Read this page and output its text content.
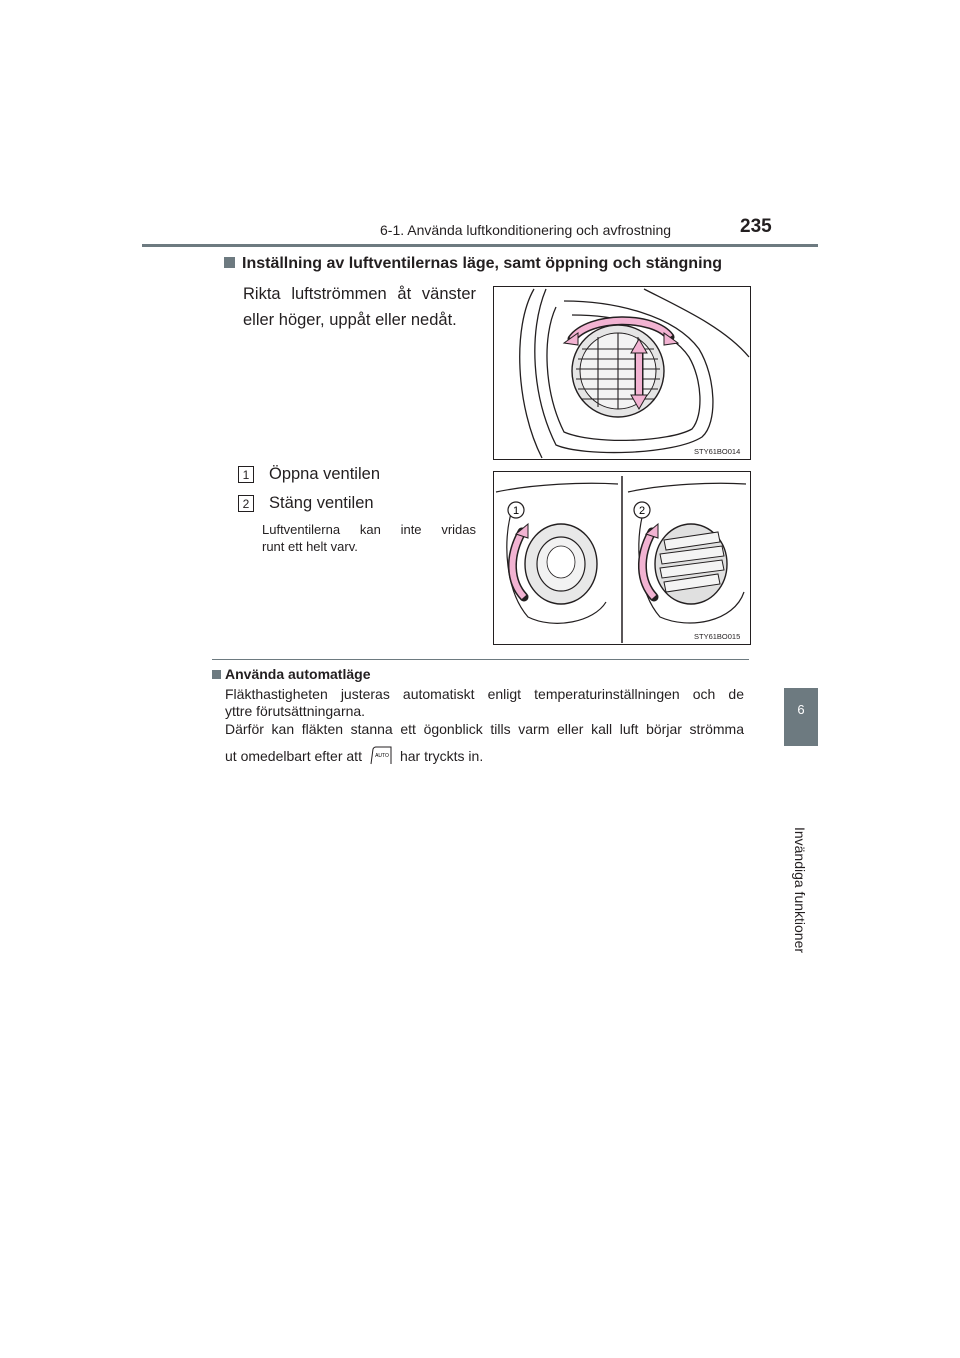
6-1. Använda luftkonditionering och avfrostning	235
6
Invändiga funktioner
Inställning av luftventilernas läge, samt öppning och stängning
Rikta luftströmmen åt vänster
eller höger, uppåt eller nedåt.
STY61BO014
1 Öppna ventilen
2 Stäng ventilen
Luftventilerna kan inte vridas
runt ett helt varv.
1	2
STY61BO015
Använda automatläge
Fläkthastigheten justeras automatiskt enligt temperaturinställningen och de
yttre förutsättningarna.
Därför kan fläkten stanna ett ögonblick tills varm eller kall luft börjar strömma
ut omedelbart efter att	AUTO har tryckts in.
